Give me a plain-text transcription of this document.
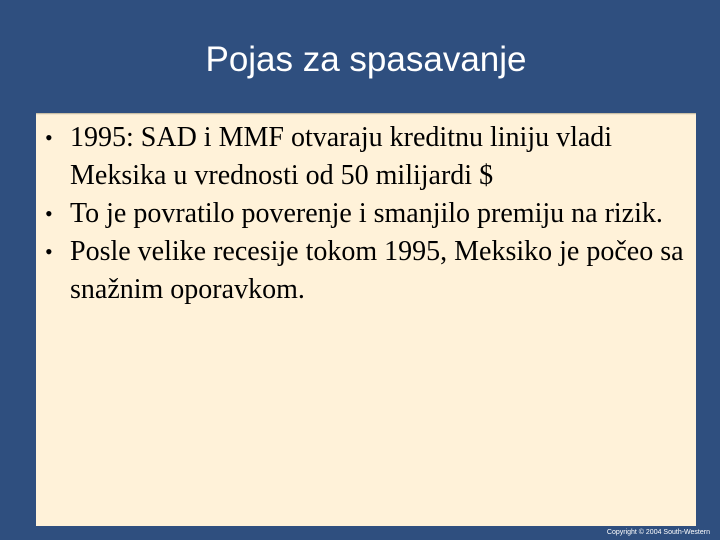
Pojas za spasavanje
• 1995: SAD i MMF otvaraju kreditnu liniju vladi Meksika u vrednosti od 50 milijardi $
• To je povratilo poverenje i smanjilo premiju na rizik.
• Posle velike recesije tokom 1995, Meksiko je počeo sa snažnim oporavkom.
Copyright © 2004 South-Western
